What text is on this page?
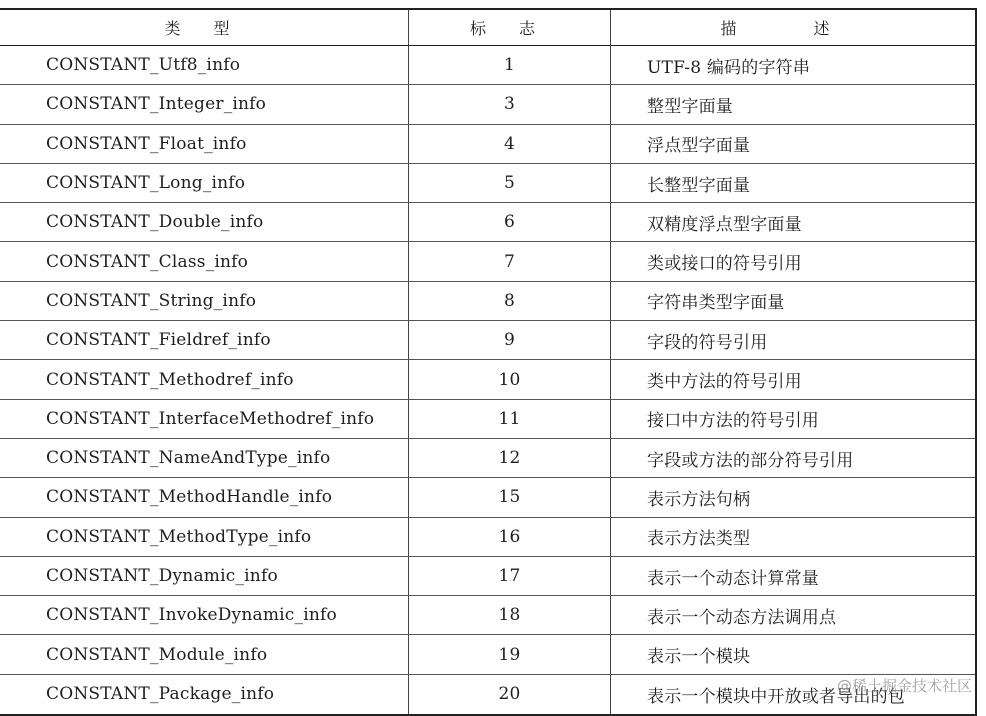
类 型	标 志	描 述
CONSTANT_Utf8_info	1	UTF-8 编码的字符串
CONSTANT_Integer_info	3	整型字面量
CONSTANT_Float_info	4	浮点型字面量
CONSTANT_Long_info	5	长整型字面量
CONSTANT_Double_info	6	双精度浮点型字面量
CONSTANT_Class_info	7	类或接口的符号引用
CONSTANT_String_info	8	字符串类型字面量
CONSTANT_Fieldref_info	9	字段的符号引用
CONSTANT_Methodref_info	10	类中方法的符号引用
CONSTANT_InterfaceMethodref_info	11	接口中方法的符号引用
CONSTANT_NameAndType_info	12	字段或方法的部分符号引用
CONSTANT_MethodHandle_info	15	表示方法句柄
CONSTANT_MethodType_info	16	表示方法类型
CONSTANT_Dynamic_info	17	表示一个动态计算常量
CONSTANT_InvokeDynamic_info	18	表示一个动态方法调用点
CONSTANT_Module_info	19	表示一个模块
CONSTANT_Package_info	20	表示一个模块中开放或者导出的包
@稀土掘金技术社区
